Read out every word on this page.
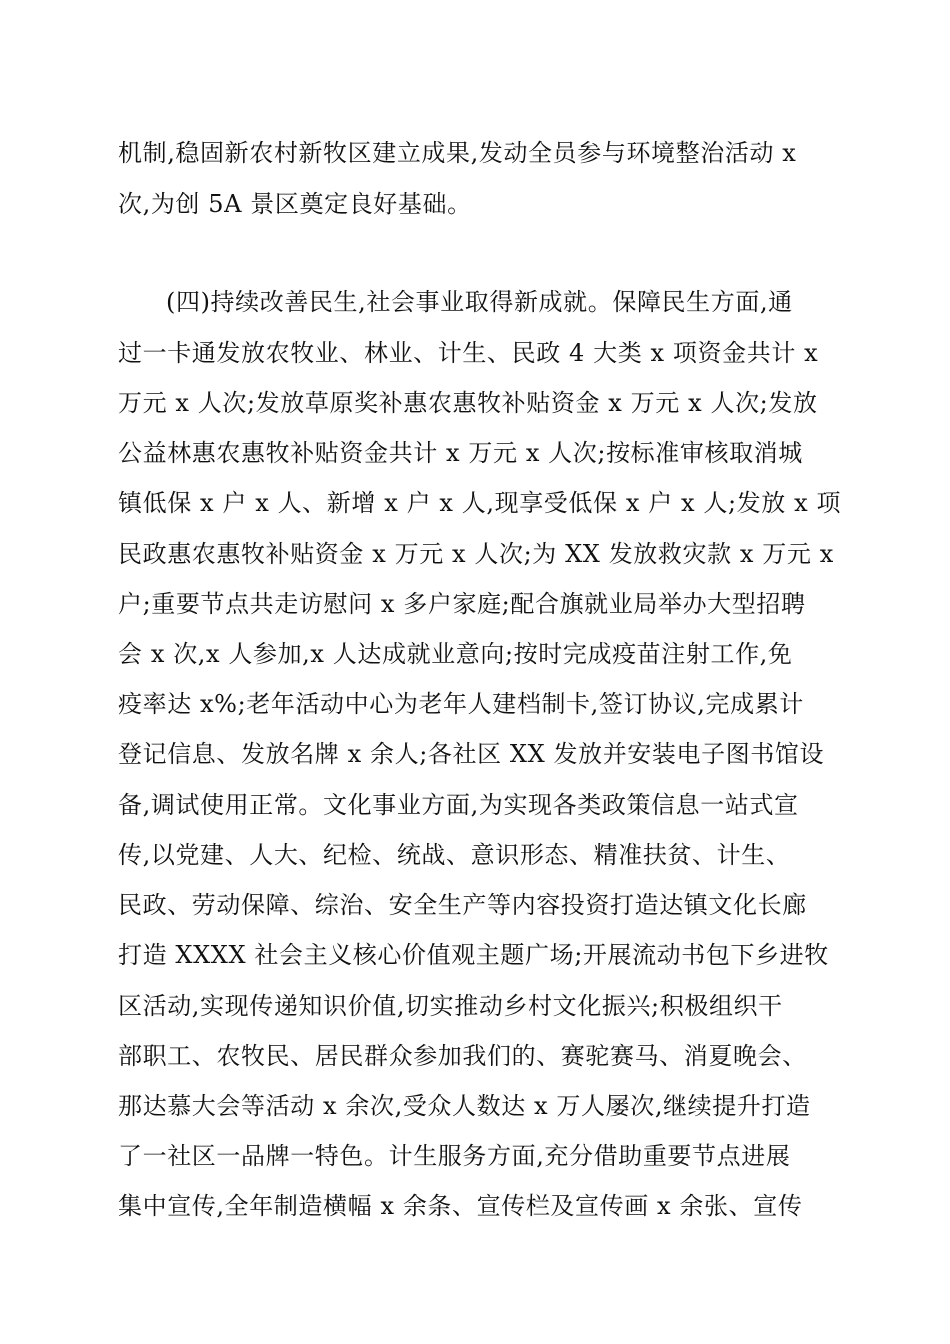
机制,稳固新农村新牧区建立成果,发动全员参与环境整治活动 x
次,为创 5A 景区奠定良好基础。
(四)持续改善民生,社会事业取得新成就。保障民生方面,通
过一卡通发放农牧业、林业、计生、民政 4 大类 x 项资金共计 x
万元 x 人次;发放草原奖补惠农惠牧补贴资金 x 万元 x 人次;发放
公益林惠农惠牧补贴资金共计 x 万元 x 人次;按标准审核取消城
镇低保 x 户 x 人、新增 x 户 x 人,现享受低保 x 户 x 人;发放 x 项
民政惠农惠牧补贴资金 x 万元 x 人次;为 XX 发放救灾款 x 万元 x
户;重要节点共走访慰问 x 多户家庭;配合旗就业局举办大型招聘
会 x 次,x 人参加,x 人达成就业意向;按时完成疫苗注射工作,免
疫率达 x%;老年活动中心为老年人建档制卡,签订协议,完成累计
登记信息、发放名牌 x 余人;各社区 XX 发放并安装电子图书馆设
备,调试使用正常。文化事业方面,为实现各类政策信息一站式宣
传,以党建、人大、纪检、统战、意识形态、精准扶贫、计生、
民政、劳动保障、综治、安全生产等内容投资打造达镇文化长廊
打造 XXXX 社会主义核心价值观主题广场;开展流动书包下乡进牧
区活动,实现传递知识价值,切实推动乡村文化振兴;积极组织干
部职工、农牧民、居民群众参加我们的、赛驼赛马、消夏晚会、
那达慕大会等活动 x 余次,受众人数达 x 万人屡次,继续提升打造
了一社区一品牌一特色。计生服务方面,充分借助重要节点进展
集中宣传,全年制造横幅 x 余条、宣传栏及宣传画 x 余张、宣传
